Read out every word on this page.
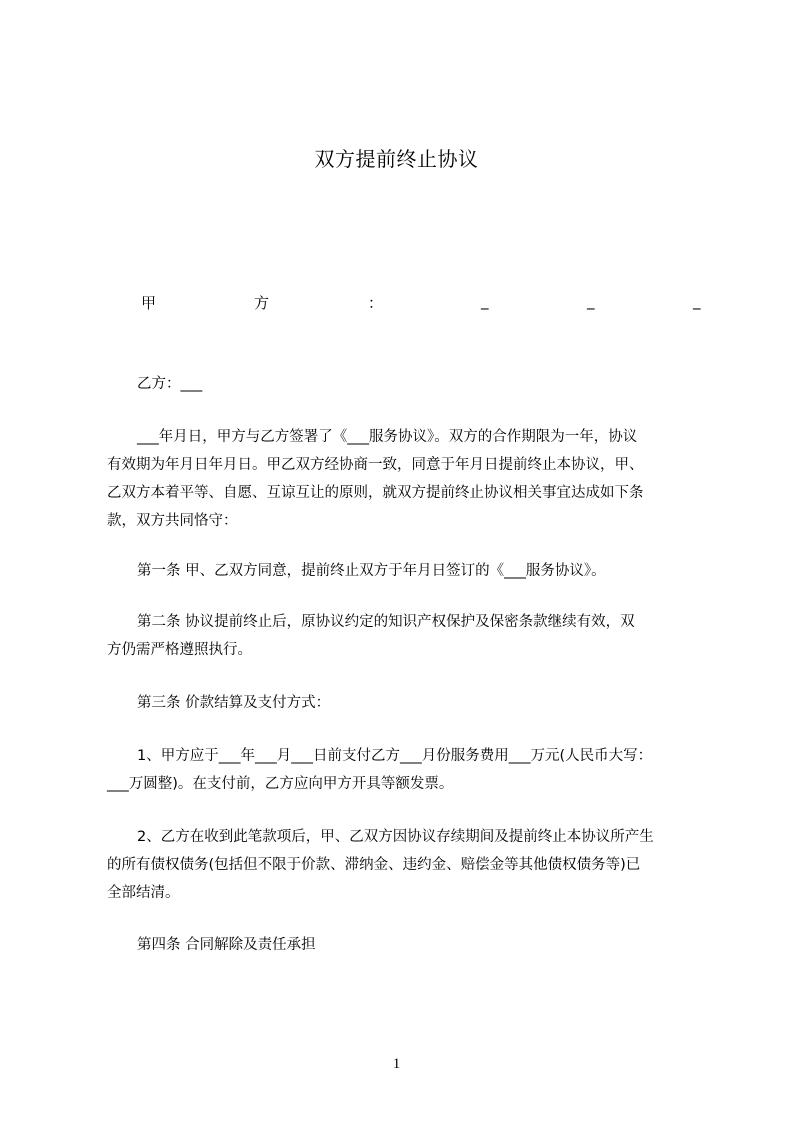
双方提前终止协议
甲	方	：	_	_	_
乙方：___
___年月日，甲方与乙方签署了《___服务协议》。双方的合作期限为一年，协议
有效期为年月日年月日。甲乙双方经协商一致，同意于年月日提前终止本协议，甲、
乙双方本着平等、自愿、互谅互让的原则，就双方提前终止协议相关事宜达成如下条
款，双方共同恪守：
第一条 甲、乙双方同意，提前终止双方于年月日签订的《___服务协议》。
第二条 协议提前终止后，原协议约定的知识产权保护及保密条款继续有效，双
方仍需严格遵照执行。
第三条 价款结算及支付方式：
1、甲方应于___年___月___日前支付乙方___月份服务费用___万元(人民币大写：
___万圆整)。在支付前，乙方应向甲方开具等额发票。
2、乙方在收到此笔款项后，甲、乙双方因协议存续期间及提前终止本协议所产生
的所有债权债务(包括但不限于价款、滞纳金、违约金、赔偿金等其他债权债务等)已
全部结清。
第四条 合同解除及责任承担
1
